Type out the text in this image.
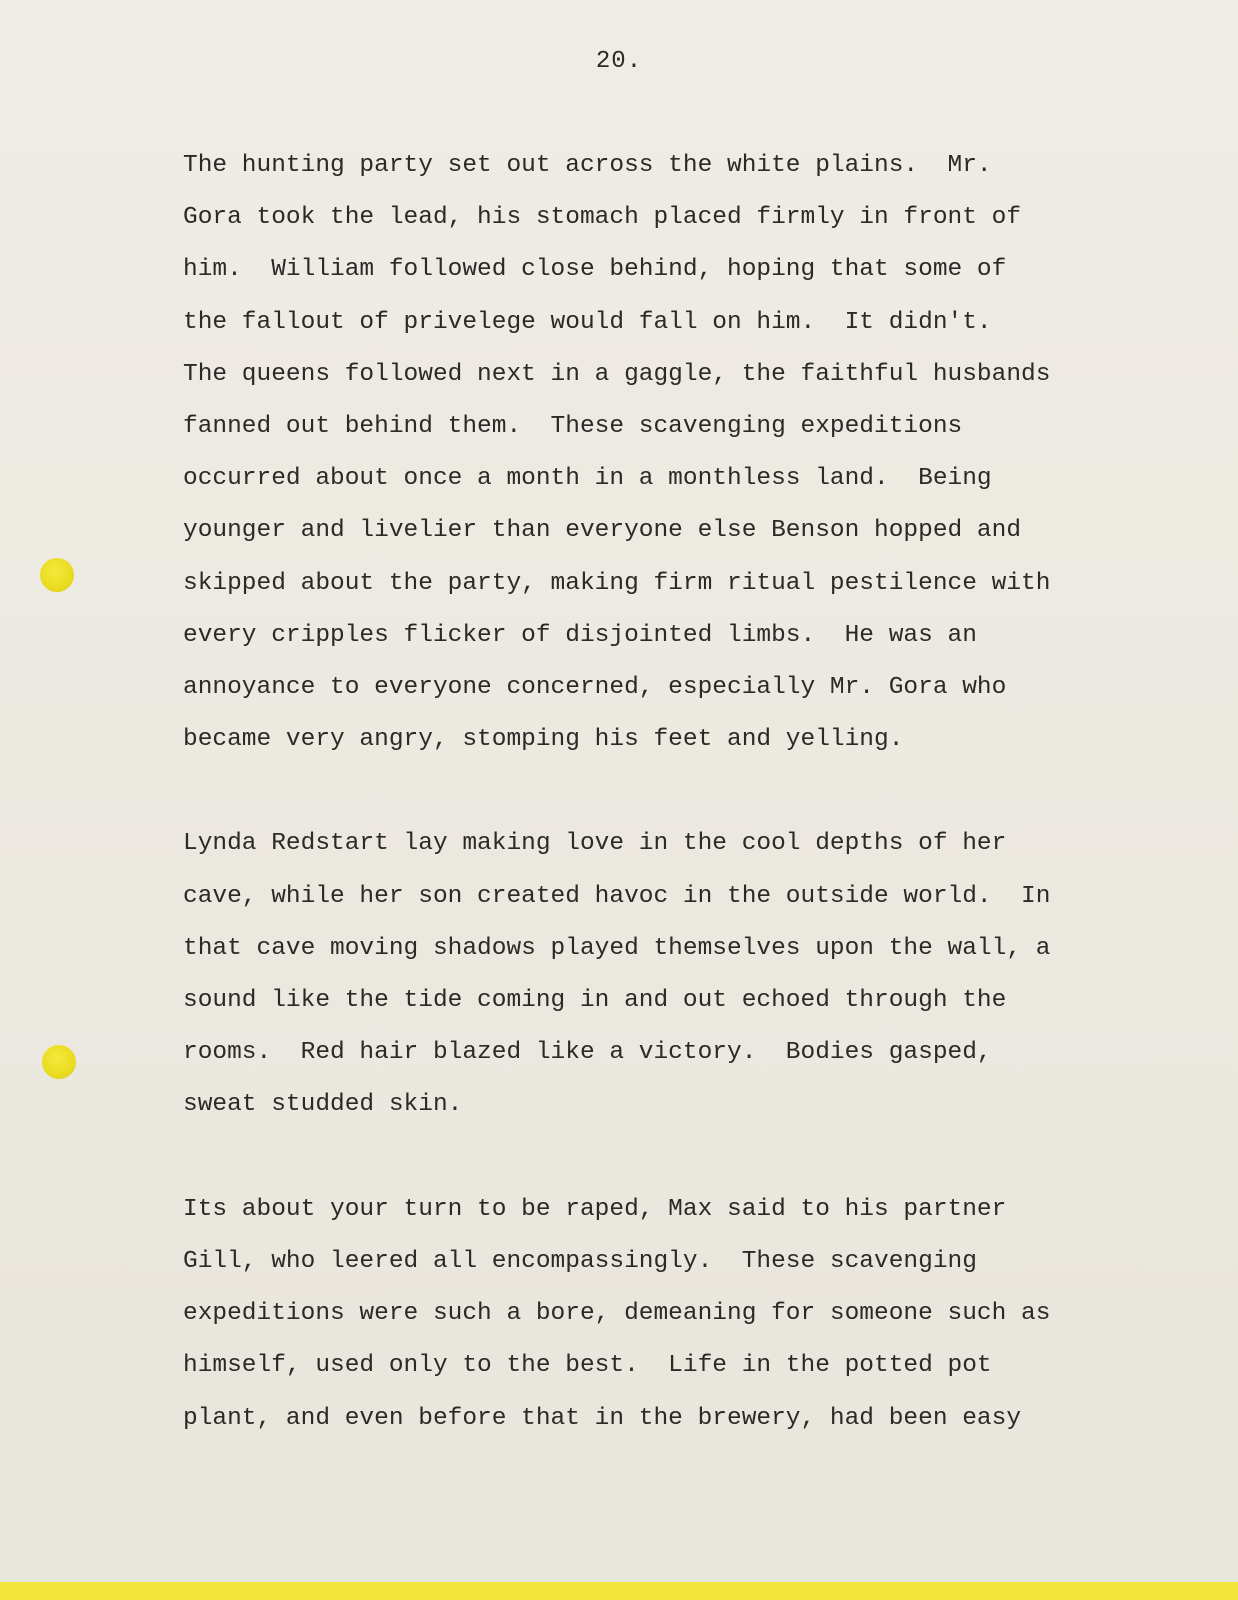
20.
The hunting party set out across the white plains.  Mr.
Gora took the lead, his stomach placed firmly in front of
him.  William followed close behind, hoping that some of
the fallout of privelege would fall on him.  It didn't.
The queens followed next in a gaggle, the faithful husbands
fanned out behind them.  These scavenging expeditions
occurred about once a month in a monthless land.  Being
younger and livelier than everyone else Benson hopped and
skipped about the party, making firm ritual pestilence with
every cripples flicker of disjointed limbs.  He was an
annoyance to everyone concerned, especially Mr. Gora who
became very angry, stomping his feet and yelling.
Lynda Redstart lay making love in the cool depths of her
cave, while her son created havoc in the outside world.  In
that cave moving shadows played themselves upon the wall, a
sound like the tide coming in and out echoed through the
rooms.  Red hair blazed like a victory.  Bodies gasped,
sweat studded skin.
Its about your turn to be raped, Max said to his partner
Gill, who leered all encompassingly.  These scavenging
expeditions were such a bore, demeaning for someone such as
himself, used only to the best.  Life in the potted pot
plant, and even before that in the brewery, had been easy
